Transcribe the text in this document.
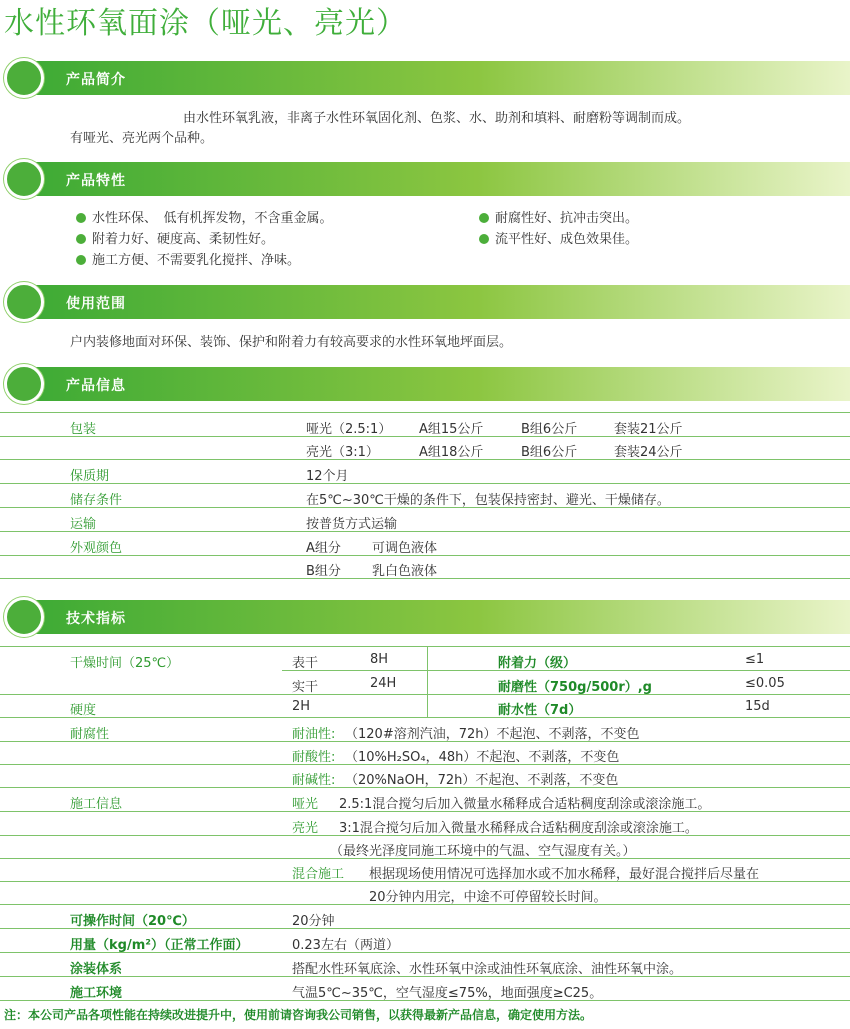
水性环氧面涂（哑光、亮光）
产品简介
由水性环氧乳液，非离子水性环氧固化剂、色浆、水、助剂和填料、耐磨粉等调制而成。
有哑光、亮光两个品种。
产品特性
水性环保、　低有机挥发物，不含重金属。
附着力好、硬度高、柔韧性好。
施工方便、不需要乳化搅拌、净味。
耐腐性好、抗冲击突出。
流平性好、成色效果佳。
使用范围
户内装修地面对环保、装饰、保护和附着力有较高要求的水性环氧地坪面层。
产品信息
包装	哑光（2.5:1） A组15公斤	B组6公斤	套装21公斤
亮光（3:1）	A组18公斤	B组6公斤	套装24公斤
保质期	12个月
储存条件	在5℃~30℃干燥的条件下，包装保持密封、避光、干燥储存。
运输	按普货方式运输
外观颜色	A组分 可调色液体
B组分 乳白色液体
技术指标
干燥时间（25℃）	表干	8H	附着力（级）	≤1
实干	24H	耐磨性（750g/500r）,g	≤0.05
硬度	2H	耐水性（7d）	15d
耐腐性	耐油性: （120#溶剂汽油，72h）不起泡、不剥落，不变色
耐酸性: （10%H₂SO₄，48h）不起泡、不剥落，不变色
耐碱性: （20%NaOH，72h）不起泡、不剥落，不变色
施工信息	哑光 2.5:1混合搅匀后加入微量水稀释成合适粘稠度刮涂或滚涂施工。
亮光 3:1混合搅匀后加入微量水稀释成合适粘稠度刮涂或滚涂施工。
（最终光泽度同施工环境中的气温、空气湿度有关。）
混合施工 根据现场使用情况可选择加水或不加水稀释，最好混合搅拌后尽量在
20分钟内用完，中途不可停留较长时间。
可操作时间（20℃）	20分钟
用量（kg/m²）（正常工作面）	0.23左右（两道）
涂装体系	搭配水性环氧底涂、水性环氧中涂或油性环氧底涂、油性环氧中涂。
施工环境	气温5℃~35℃，空气湿度≤75%，地面强度≥C25。
注：本公司产品各项性能在持续改进提升中，使用前请咨询我公司销售，以获得最新产品信息，确定使用方法。
